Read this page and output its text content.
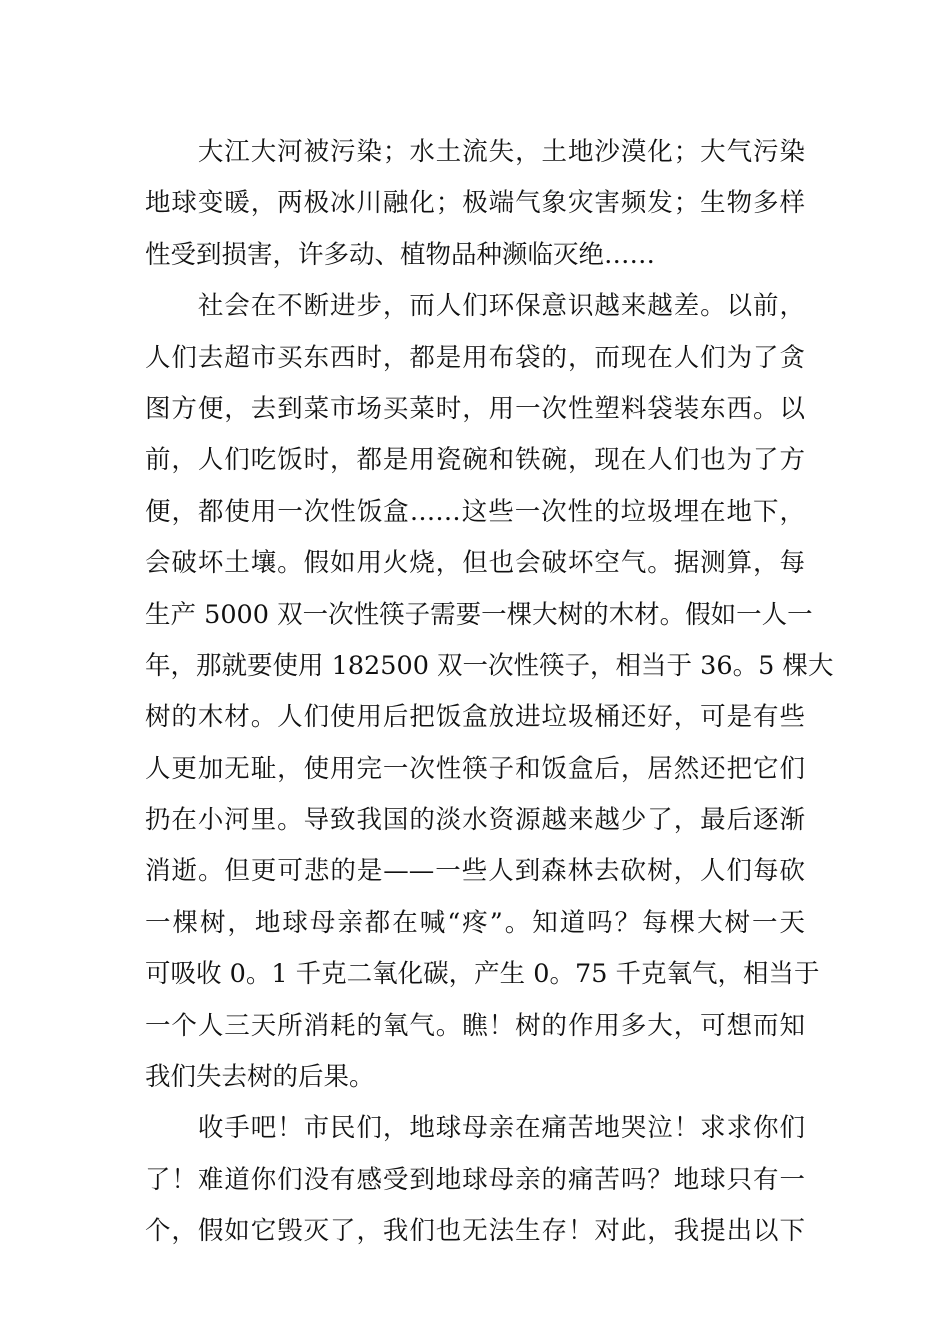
　　大江大河被污染；水土流失，土地沙漠化；大气污染
地球变暖，两极冰川融化；极端气象灾害频发；生物多样
性受到损害，许多动、植物品种濒临灭绝……
　　社会在不断进步，而人们环保意识越来越差。以前，
人们去超市买东西时，都是用布袋的，而现在人们为了贪
图方便，去到菜市场买菜时，用一次性塑料袋装东西。以
前，人们吃饭时，都是用瓷碗和铁碗，现在人们也为了方
便，都使用一次性饭盒……这些一次性的垃圾埋在地下，
会破坏土壤。假如用火烧，但也会破坏空气。据测算，每
生产 5000 双一次性筷子需要一棵大树的木材。假如一人一
年，那就要使用 182500 双一次性筷子，相当于 36。5 棵大
树的木材。人们使用后把饭盒放进垃圾桶还好，可是有些
人更加无耻，使用完一次性筷子和饭盒后，居然还把它们
扔在小河里。导致我国的淡水资源越来越少了，最后逐渐
消逝。但更可悲的是——一些人到森林去砍树，人们每砍
一棵树，地球母亲都在喊“疼”。知道吗？每棵大树一天
可吸收 0。1 千克二氧化碳，产生 0。75 千克氧气，相当于
一个人三天所消耗的氧气。瞧！树的作用多大，可想而知
我们失去树的后果。
　　收手吧！市民们，地球母亲在痛苦地哭泣！求求你们
了！难道你们没有感受到地球母亲的痛苦吗？地球只有一
个，假如它毁灭了，我们也无法生存！对此，我提出以下
